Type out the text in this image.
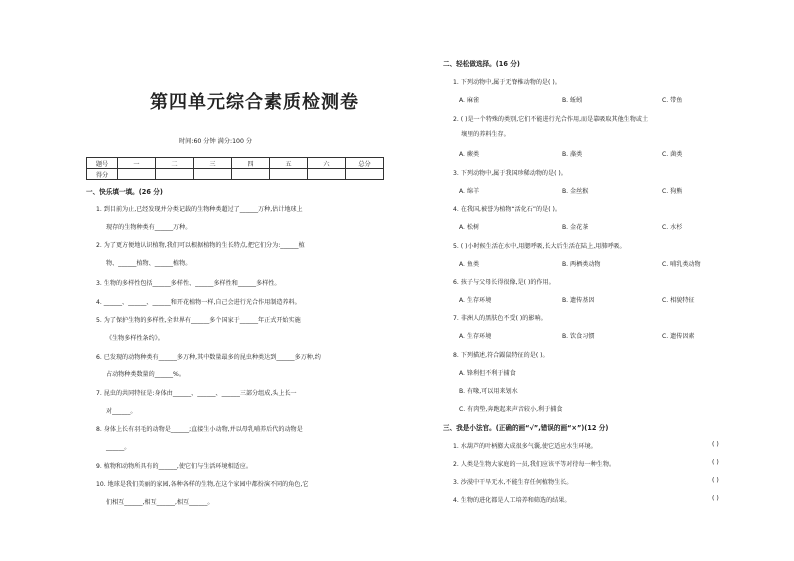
第四单元综合素质检测卷
时间:60 分钟 满分:100 分
题号	一	二	三	四	五	六	总分
得分							
一、快乐填一填。(26 分)
1. 到目前为止,已经发现并分类记载的生物种类超过了______万种,估计地球上
现存的生物种类有______万种。
2. 为了更方便地认识植物,我们可以根据植物的生长特点,把它们分为:______植
物、______植物、______植物。
3. 生物的多样性包括______多样性、______多样性和______多样性。
4. ______、______、______和开花植物一样,自己会进行光合作用制造养料。
5. 为了保护生物的多样性,全世界有______多个国家于______年正式开始实施
《生物多样性条约》。
6. 已发现的动物种类有______多万种,其中数量最多的昆虫种类达到______多万种,约
占动物种类数量的______%。
7. 昆虫的共同特征是:身体由______、______、______三部分组成,头上长一
对______。
8. 身体上长有羽毛的动物是______;直接生小动物,并以母乳哺养后代的动物是
______。
9. 植物和动物所具有的______,使它们与生活环境相适应。
10. 地球是我们美丽的家园,各种各样的生物,在这个家园中都扮演不同的角色,它
们相互______,相互______,相互______。
二、轻松做选择。(16 分)
1. 下列动物中,属于无脊椎动物的是( )。
A. 麻雀	B. 蚯蚓	C. 带鱼
2. ( )是一个特殊的类别,它们不能进行光合作用,而是靠吸取其他生物或土
壤里的养料生存。
A. 蕨类	B. 藻类	C. 菌类
3. 下列动物中,属于我国珍稀动物的是( )。
A. 绵羊	B. 金丝猴	C. 狗熊
4. 在我国,被誉为植物“活化石”的是( )。
A. 松树	B. 金花茶	C. 水杉
5. ( )小时候生活在水中,用腮呼吸,长大后生活在陆上,用肺呼吸。
A. 鱼类	B. 两栖类动物	C. 哺乳类动物
6. 孩子与父母长得很像,是( )的作用。
A. 生存环境	B. 遗传基因	C. 相貌特征
7. 非洲人的黑肤色不受( )的影响。
A. 生存环境	B. 饮食习惯	C. 遗传因素
8. 下列描述,符合鼹鼠特征的是( )。
A. 锋利但不利于捕食
B. 有喙,可以用来划水
C. 有肉垫,奔跑起来声音较小,利于捕食
三、我是小法官。(正确的画“√”,错误的画“×”)(12 分)
1. 水葫芦的叶柄膨大成很多气囊,使它适应水生环境。	( )
2. 人类是生物大家庭的一员,我们应该平等对待每一种生物。	( )
3. 沙漠中干旱无水,不能生存任何植物生长。	( )
4. 生物的进化都是人工培养和筛选的结果。	( )
